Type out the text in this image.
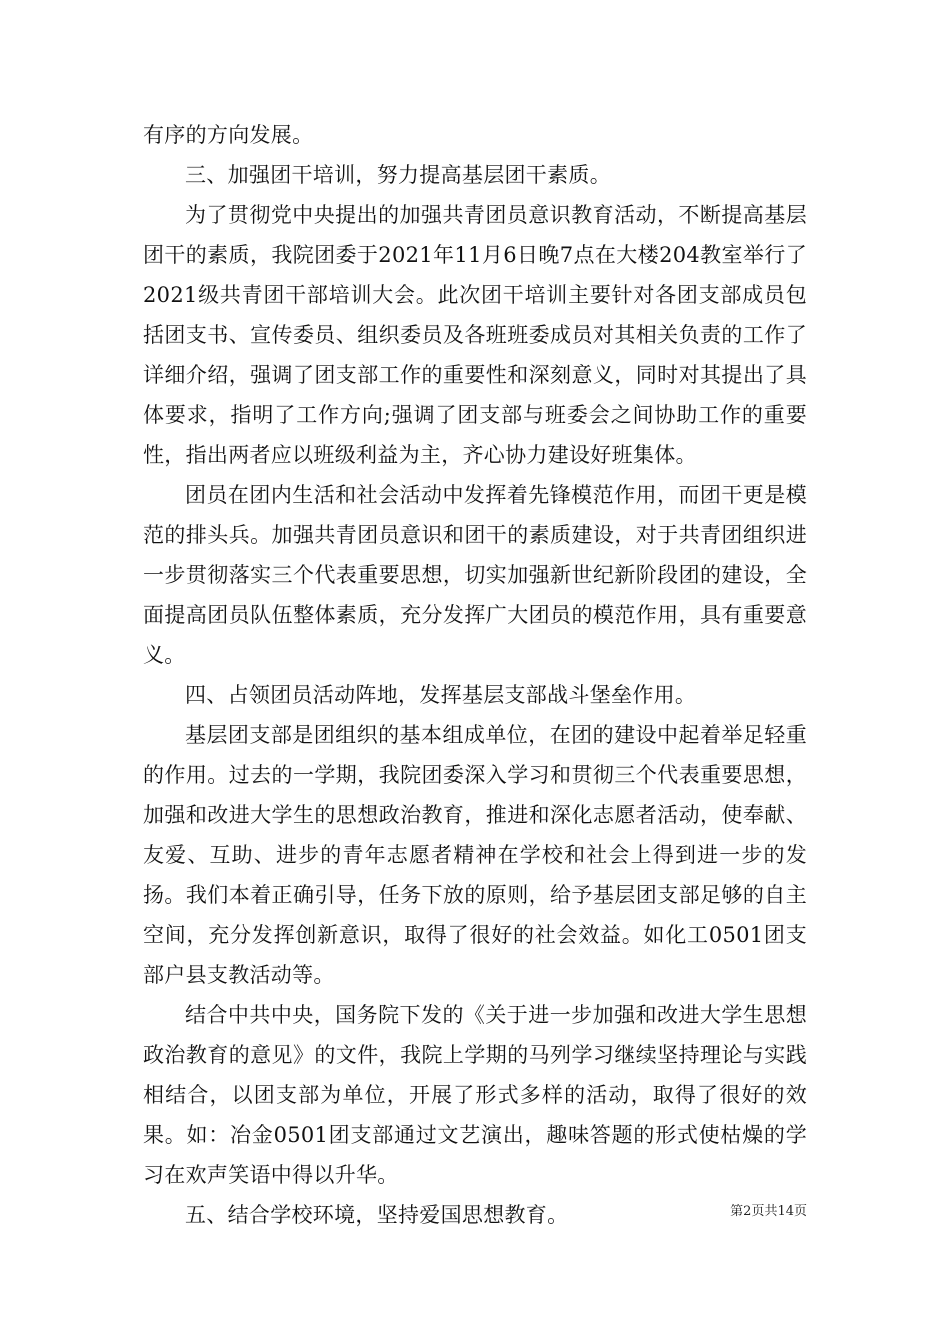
有序的方向发展。

三、加强团干培训，努力提高基层团干素质。

为了贯彻党中央提出的加强共青团员意识教育活动，不断提高基层团干的素质，我院团委于2021年11月6日晚7点在大楼204教室举行了2021级共青团干部培训大会。此次团干培训主要针对各团支部成员包括团支书、宣传委员、组织委员及各班班委成员对其相关负责的工作了详细介绍，强调了团支部工作的重要性和深刻意义，同时对其提出了具体要求，指明了工作方向;强调了团支部与班委会之间协助工作的重要性，指出两者应以班级利益为主，齐心协力建设好班集体。

团员在团内生活和社会活动中发挥着先锋模范作用，而团干更是模范的排头兵。加强共青团员意识和团干的素质建设，对于共青团组织进一步贯彻落实三个代表重要思想，切实加强新世纪新阶段团的建设，全面提高团员队伍整体素质，充分发挥广大团员的模范作用，具有重要意义。

四、占领团员活动阵地，发挥基层支部战斗堡垒作用。

基层团支部是团组织的基本组成单位，在团的建设中起着举足轻重的作用。过去的一学期，我院团委深入学习和贯彻三个代表重要思想，加强和改进大学生的思想政治教育，推进和深化志愿者活动，使奉献、友爱、互助、进步的青年志愿者精神在学校和社会上得到进一步的发扬。我们本着正确引导，任务下放的原则，给予基层团支部足够的自主空间，充分发挥创新意识，取得了很好的社会效益。如化工0501团支部户县支教活动等。

结合中共中央，国务院下发的《关于进一步加强和改进大学生思想政治教育的意见》的文件，我院上学期的马列学习继续坚持理论与实践相结合，以团支部为单位，开展了形式多样的活动，取得了很好的效果。如：冶金0501团支部通过文艺演出，趣味答题的形式使枯燥的学习在欢声笑语中得以升华。

五、结合学校环境，坚持爱国思想教育。	第2页共14页
